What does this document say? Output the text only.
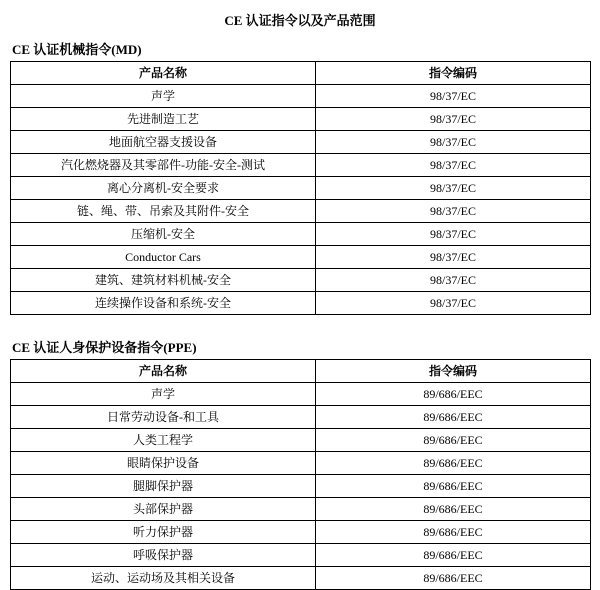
CE 认证指令以及产品范围
CE 认证机械指令(MD)
产品名称	指令编码
声学	98/37/EC
先进制造工艺	98/37/EC
地面航空器支援设备	98/37/EC
汽化燃烧器及其零部件-功能-安全-测试	98/37/EC
离心分离机-安全要求	98/37/EC
链、绳、带、吊索及其附件-安全	98/37/EC
压缩机-安全	98/37/EC
Conductor Cars	98/37/EC
建筑、建筑材料机械-安全	98/37/EC
连续操作设备和系统-安全	98/37/EC
CE 认证人身保护设备指令(PPE)
产品名称	指令编码
声学	89/686/EEC
日常劳动设备-和工具	89/686/EEC
人类工程学	89/686/EEC
眼睛保护设备	89/686/EEC
腿脚保护器	89/686/EEC
头部保护器	89/686/EEC
听力保护器	89/686/EEC
呼吸保护器	89/686/EEC
运动、运动场及其相关设备	89/686/EEC
